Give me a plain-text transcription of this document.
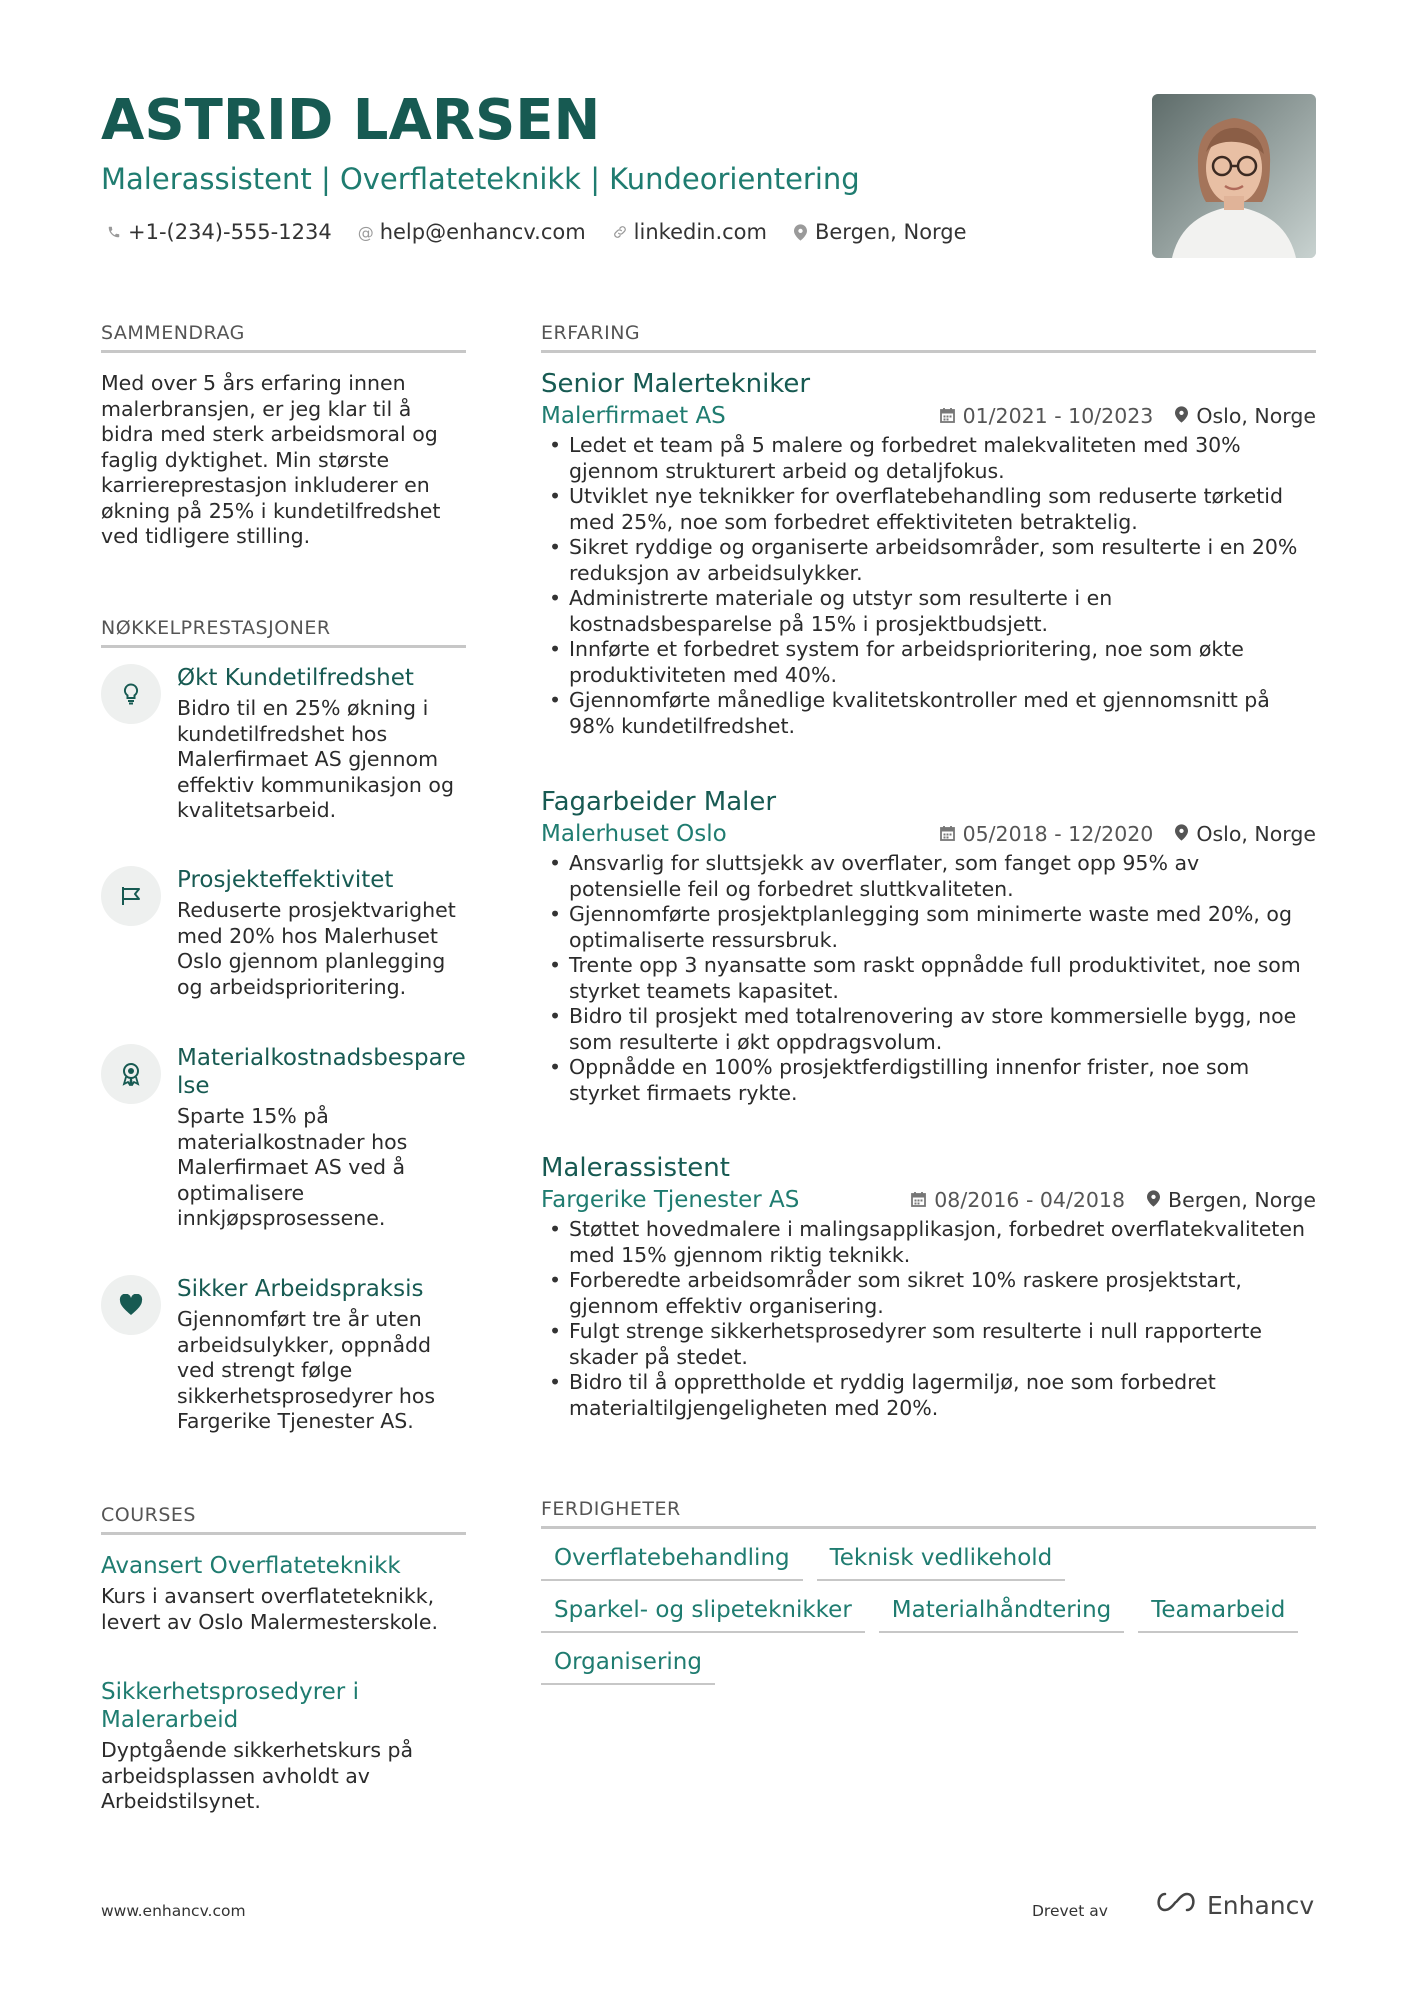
ASTRID LARSEN
Malerassistent | Overflateteknikk | Kundeorientering
+1-(234)-555-1234 @ help@enhancv.com linkedin.com Bergen, Norge
SAMMENDRAG
Med over 5 års erfaring innen malerbransjen, er jeg klar til å bidra med sterk arbeidsmoral og faglig dyktighet. Min største karriereprestasjon inkluderer en økning på 25% i kundetilfredshet ved tidligere stilling.
NØKKELPRESTASJONER
Økt Kundetilfredshet
Bidro til en 25% økning i kundetilfredshet hos Malerfirmaet AS gjennom effektiv kommunikasjon og kvalitetsarbeid.
Prosjekteffektivitet
Reduserte prosjektvarighet med 20% hos Malerhuset Oslo gjennom planlegging og arbeidsprioritering.
Materialkostnadsbesparelse
Sparte 15% på materialkostnader hos Malerfirmaet AS ved å optimalisere innkjøpsprosessene.
Sikker Arbeidspraksis
Gjennomført tre år uten arbeidsulykker, oppnådd ved strengt følge sikkerhetsprosedyrer hos Fargerike Tjenester AS.
COURSES
Avansert Overflateteknikk
Kurs i avansert overflateteknikk, levert av Oslo Malermesterskole.
Sikkerhetsprosedyrer i Malerarbeid
Dyptgående sikkerhetskurs på arbeidsplassen avholdt av Arbeidstilsynet.
ERFARING
Senior Malertekniker
Malerfirmaet AS	01/2021 - 10/2023 Oslo, Norge
• Ledet et team på 5 malere og forbedret malekvaliteten med 30% gjennom strukturert arbeid og detaljfokus.
• Utviklet nye teknikker for overflatebehandling som reduserte tørketid med 25%, noe som forbedret effektiviteten betraktelig.
• Sikret ryddige og organiserte arbeidsområder, som resulterte i en 20% reduksjon av arbeidsulykker.
• Administrerte materiale og utstyr som resulterte i en kostnadsbesparelse på 15% i prosjektbudsjett.
• Innførte et forbedret system for arbeidsprioritering, noe som økte produktiviteten med 40%.
• Gjennomførte månedlige kvalitetskontroller med et gjennomsnitt på 98% kundetilfredshet.
Fagarbeider Maler
Malerhuset Oslo	05/2018 - 12/2020 Oslo, Norge
• Ansvarlig for sluttsjekk av overflater, som fanget opp 95% av potensielle feil og forbedret sluttkvaliteten.
• Gjennomførte prosjektplanlegging som minimerte waste med 20%, og optimaliserte ressursbruk.
• Trente opp 3 nyansatte som raskt oppnådde full produktivitet, noe som styrket teamets kapasitet.
• Bidro til prosjekt med totalrenovering av store kommersielle bygg, noe som resulterte i økt oppdragsvolum.
• Oppnådde en 100% prosjektferdigstilling innenfor frister, noe som styrket firmaets rykte.
Malerassistent
Fargerike Tjenester AS	08/2016 - 04/2018 Bergen, Norge
• Støttet hovedmalere i malingsapplikasjon, forbedret overflatekvaliteten med 15% gjennom riktig teknikk.
• Forberedte arbeidsområder som sikret 10% raskere prosjektstart, gjennom effektiv organisering.
• Fulgt strenge sikkerhetsprosedyrer som resulterte i null rapporterte skader på stedet.
• Bidro til å opprettholde et ryddig lagermiljø, noe som forbedret materialtilgjengeligheten med 20%.
FERDIGHETER
Overflatebehandling	Teknisk vedlikehold
Sparkel- og slipeteknikker	Materialhåndtering	Teamarbeid
Organisering
www.enhancv.com	Drevet av	Enhancv
